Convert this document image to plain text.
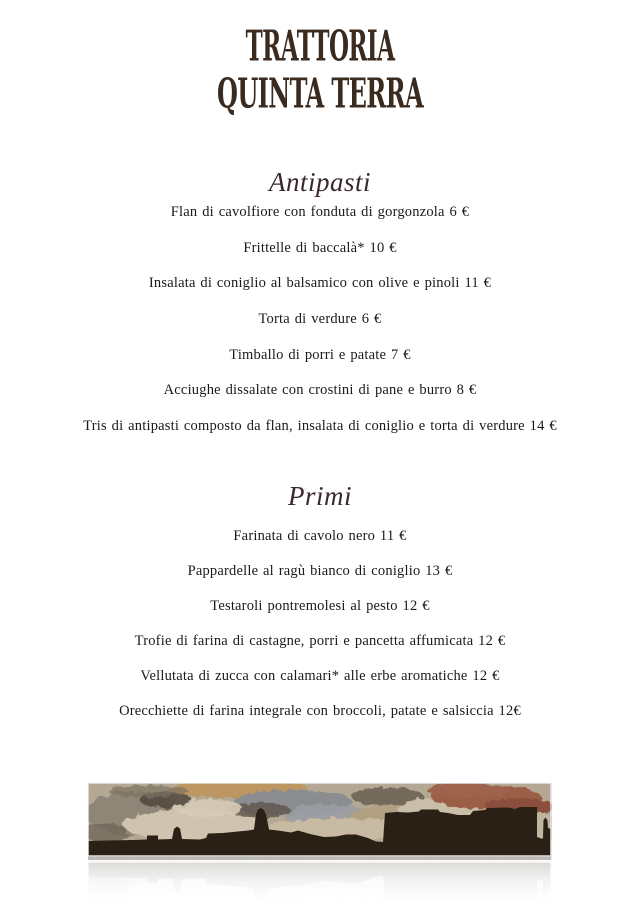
TRATTORIA
QUINTA TERRA
Antipasti
Flan di cavolfiore con fonduta di gorgonzola 6 €
Frittelle di baccalà* 10 €
Insalata di coniglio al balsamico con olive e pinoli 11 €
Torta di verdure 6 €
Timballo di porri e patate 7 €
Acciughe dissalate con crostini di pane e burro 8 €
Tris di antipasti composto da flan, insalata di coniglio e torta di verdure 14 €
Primi
Farinata di cavolo nero 11 €
Pappardelle al ragù bianco di coniglio 13 €
Testaroli pontremolesi al pesto 12 €
Trofie di farina di castagne, porri e pancetta affumicata 12 €
Vellutata di zucca con calamari* alle erbe aromatiche 12 €
Orecchiette di farina integrale con broccoli, patate e salsiccia 12€
